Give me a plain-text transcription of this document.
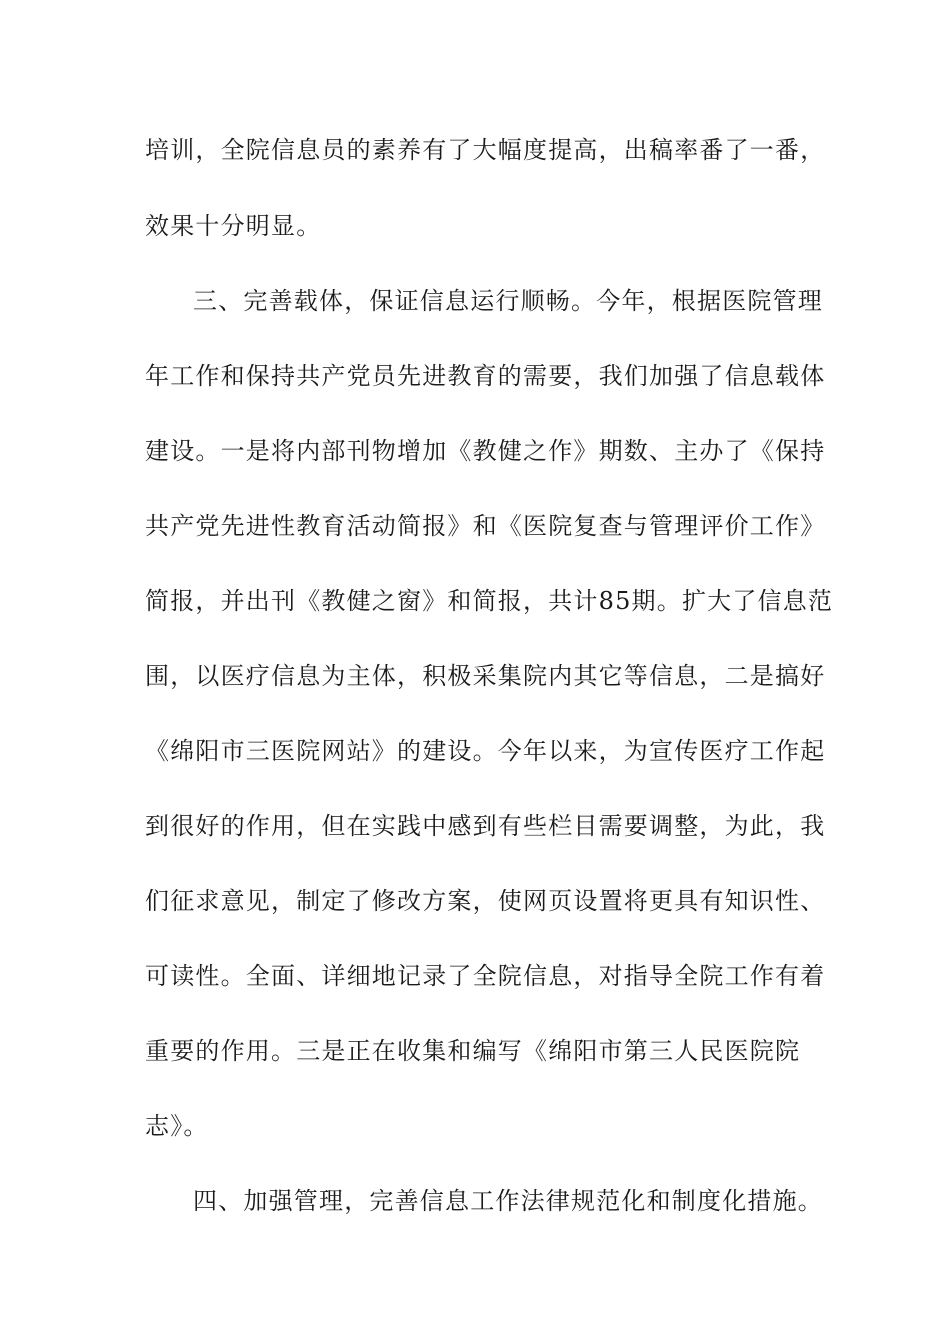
培训，全院信息员的素养有了大幅度提高，出稿率番了一番，
效果十分明显。
三、完善载体，保证信息运行顺畅。今年，根据医院管理
年工作和保持共产党员先进教育的需要，我们加强了信息载体
建设。一是将内部刊物增加《教健之作》期数、主办了《保持
共产党先进性教育活动简报》和《医院复查与管理评价工作》
简报，并出刊《教健之窗》和简报，共计85期。扩大了信息范
围，以医疗信息为主体，积极采集院内其它等信息，二是搞好
《绵阳市三医院网站》的建设。今年以来，为宣传医疗工作起
到很好的作用，但在实践中感到有些栏目需要调整，为此，我
们征求意见，制定了修改方案，使网页设置将更具有知识性、
可读性。全面、详细地记录了全院信息，对指导全院工作有着
重要的作用。三是正在收集和编写《绵阳市第三人民医院院
志》。
四、加强管理，完善信息工作法律规范化和制度化措施。
